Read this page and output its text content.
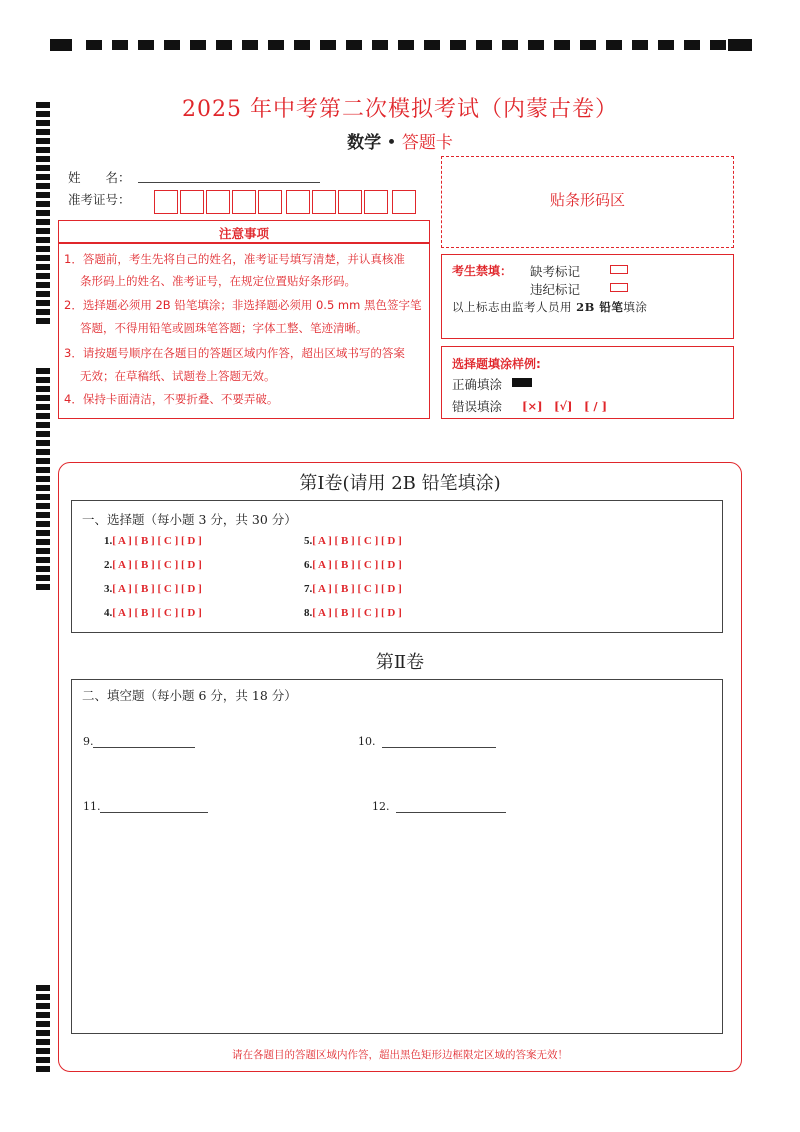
2025 年中考第二次模拟考试（内蒙古卷）
数学 • 答题卡
姓　　名：
准考证号：	贴条形码区
注意事项
1．答题前，考生先将自己的姓名，准考证号填写清楚，并认真核准
条形码上的姓名、准考证号，在规定位置贴好条形码。
2．选择题必须用 2B 铅笔填涂；非选择题必须用 0.5 mm 黑色签字笔
答题，不得用铅笔或圆珠笔答题；字体工整、笔迹清晰。
3．请按题号顺序在各题目的答题区域内作答，超出区域书写的答案
无效；在草稿纸、试题卷上答题无效。
4．保持卡面清洁，不要折叠、不要弄破。
考生禁填： 缺考标记
违纪标记
以上标志由监考人员用 2B 铅笔填涂
选择题填涂样例:
正确填涂
错误填涂 [×]　[√]　[ / ]
第Ⅰ卷(请用 2B 铅笔填涂)
一、选择题（每小题 3 分，共 30 分）
1.[ A ] [ B ] [ C ] [ D ]
2.[ A ] [ B ] [ C ] [ D ]
3.[ A ] [ B ] [ C ] [ D ]
4.[ A ] [ B ] [ C ] [ D ]
5.[ A ] [ B ] [ C ] [ D ]
6.[ A ] [ B ] [ C ] [ D ]
7.[ A ] [ B ] [ C ] [ D ]
8.[ A ] [ B ] [ C ] [ D ]
第Ⅱ卷
二、填空题（每小题 6 分，共 18 分）
9.	10.
11.	12.
请在各题目的答题区域内作答，超出黑色矩形边框限定区域的答案无效！
